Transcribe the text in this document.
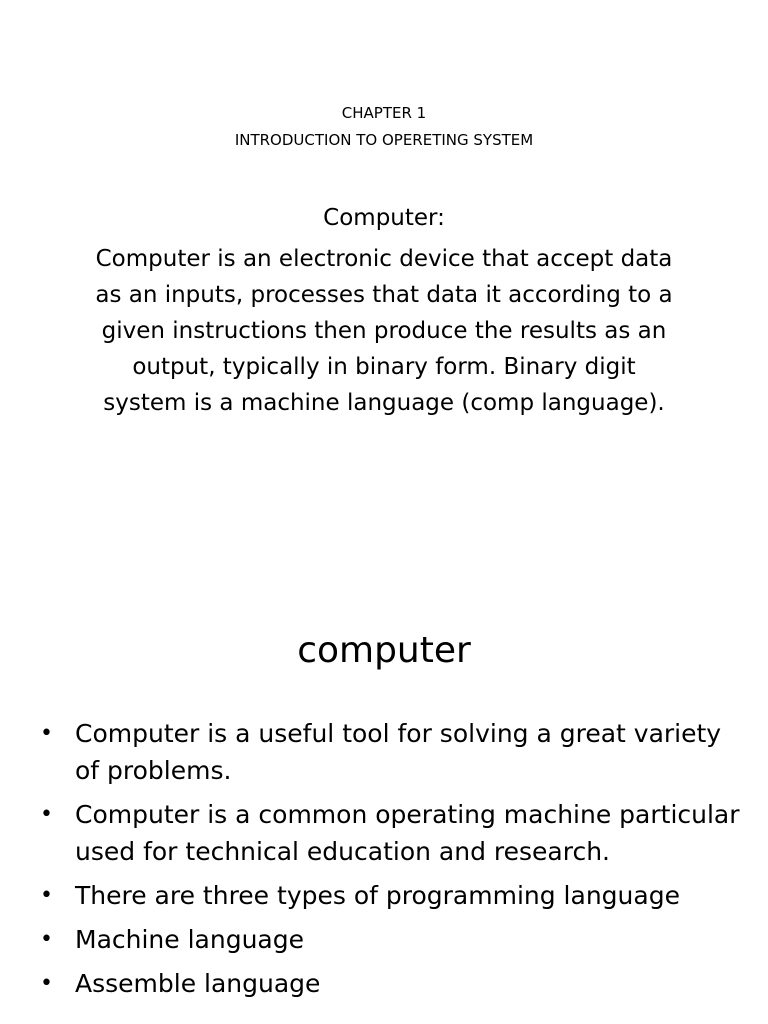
CHAPTER 1
INTRODUCTION TO OPERETING SYSTEM
Computer:

Computer is an electronic device that accept data as an inputs, processes that data it according to a given instructions then produce the results as an output, typically in binary form. Binary digit system is a machine language (comp language).

computer
• Computer is a useful tool for solving a great variety of problems.
• Computer is a common operating machine particular used for technical education and research.
• There are three types of programming language
• Machine language
• Assemble language
